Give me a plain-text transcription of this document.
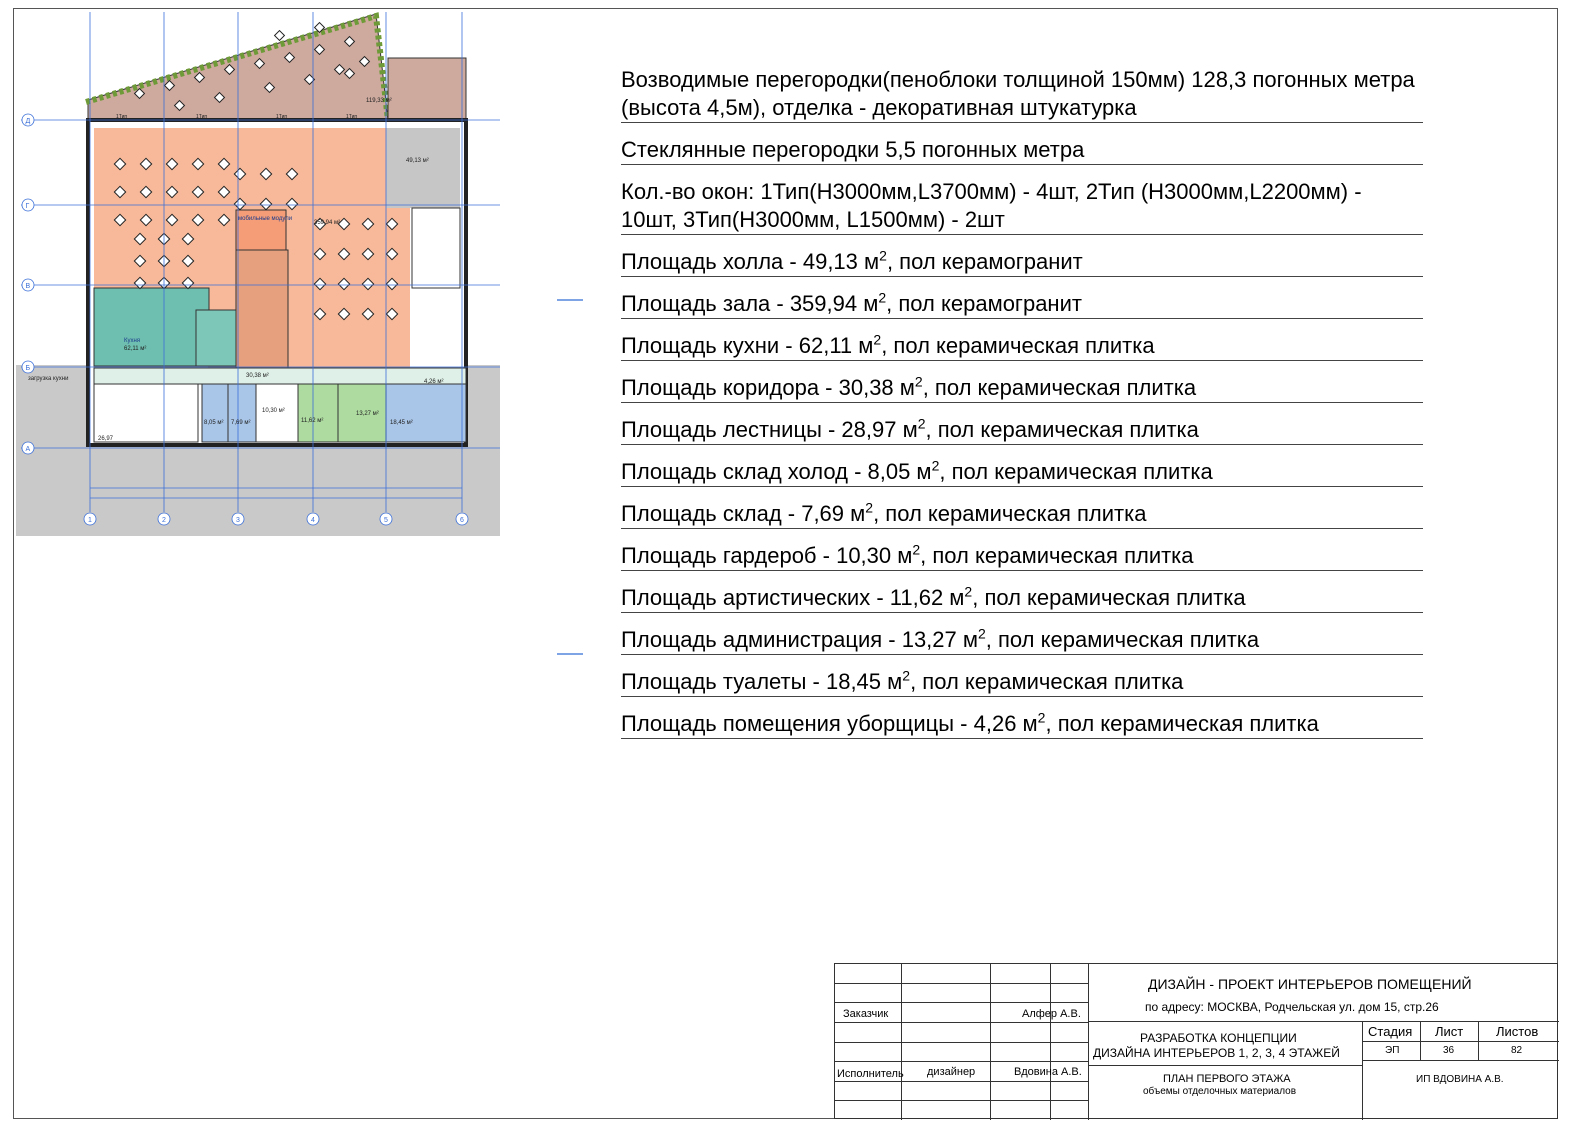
1Тип	1Тип	1Тип	1Тип
Д
Г
В
Б
А
1	2	3	4	5	6
119,33 м²
49,13 м²
359,94 м²
Кухня
62,11 м²
30,38 м²
26,97
8,05 м² 7,69 м²
10,30 м²
11,62 м²
13,27 м²
18,45 м²
4,26 м²
загрузка кухни
мобильные модули
Возводимые перегородки(пеноблоки толщиной 150мм) 128,3 погонных метра (высота 4,5м), отделка - декоративная штукатурка
Стеклянные перегородки 5,5 погонных метра
Кол.-во окон: 1Тип(Н3000мм,L3700мм) - 4шт, 2Тип (Н3000мм,L2200мм) - 10шт, 3Тип(Н3000мм, L1500мм) - 2шт
Площадь холла - 49,13 $м^2$, пол керамогранит
Площадь зала - 359,94 $м^2$, пол керамогранит
Площадь кухни - 62,11 $м^2$, пол керамическая плитка
Площадь коридора - 30,38 $м^2$, пол керамическая плитка
Площадь лестницы - 28,97 $м^2$, пол керамическая плитка
Площадь склад холод - 8,05 $м^2$, пол керамическая плитка
Площадь склад - 7,69 $м^2$, пол керамическая плитка
Площадь гардероб - 10,30 $м^2$, пол керамическая плитка
Площадь артистических - 11,62 $м^2$, пол керамическая плитка
Площадь администрация - 13,27 $м^2$, пол керамическая плитка
Площадь туалеты - 18,45 $м^2$, пол керамическая плитка
Площадь помещения уборщицы - 4,26 $м^2$, пол керамическая плитка
Заказчик	Алфер А.В.
Исполнитель дизайнер	Вдовина А.В.
ДИЗАЙН - ПРОЕКТ ИНТЕРЬЕРОВ ПОМЕЩЕНИЙ
по адресу: МОСКВА, Родчельская ул. дом 15, стр.26
РАЗРАБОТКА КОНЦЕПЦИИ
ДИЗАЙНА ИНТЕРЬЕРОВ 1, 2, 3, 4 ЭТАЖЕЙ
ПЛАН ПЕРВОГО ЭТАЖА
объемы отделочных материалов
Стадия Лист	Листов
ЭП	36	82
ИП ВДОВИНА А.В.
